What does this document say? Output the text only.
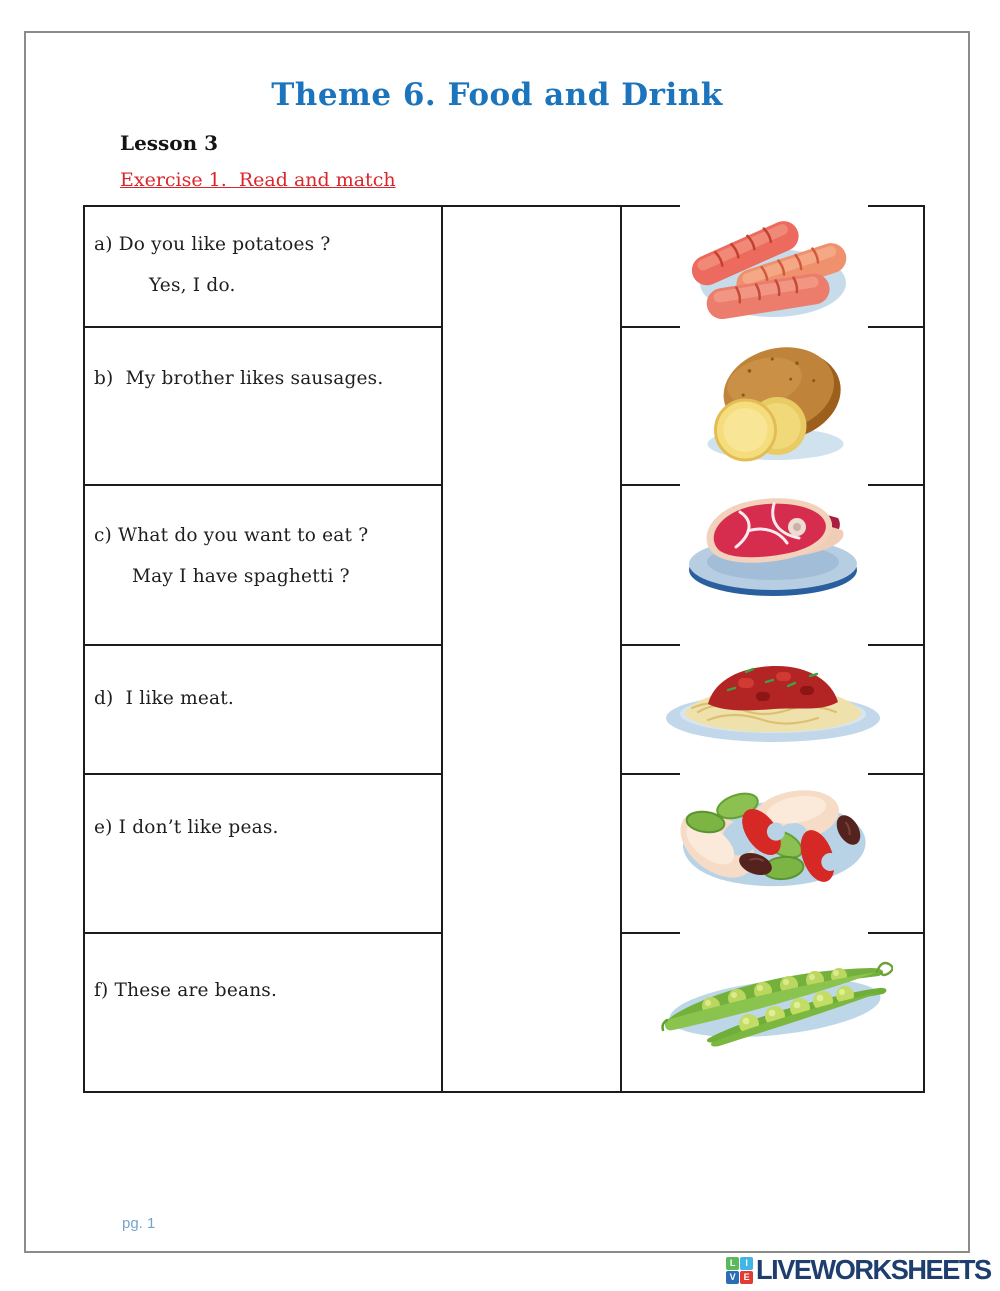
Theme 6. Food and Drink
Lesson 3
Exercise 1.  Read and match

a) Do you like potatoes ?

Yes, I do.

b)  My brother likes sausages.

c) What do you want to eat ?

May I have spaghetti ?

d)  I like meat.

e) I don’t like peas.

f) These are beans.

pg. 1
L	I
V E LIVEWORKSHEETS
